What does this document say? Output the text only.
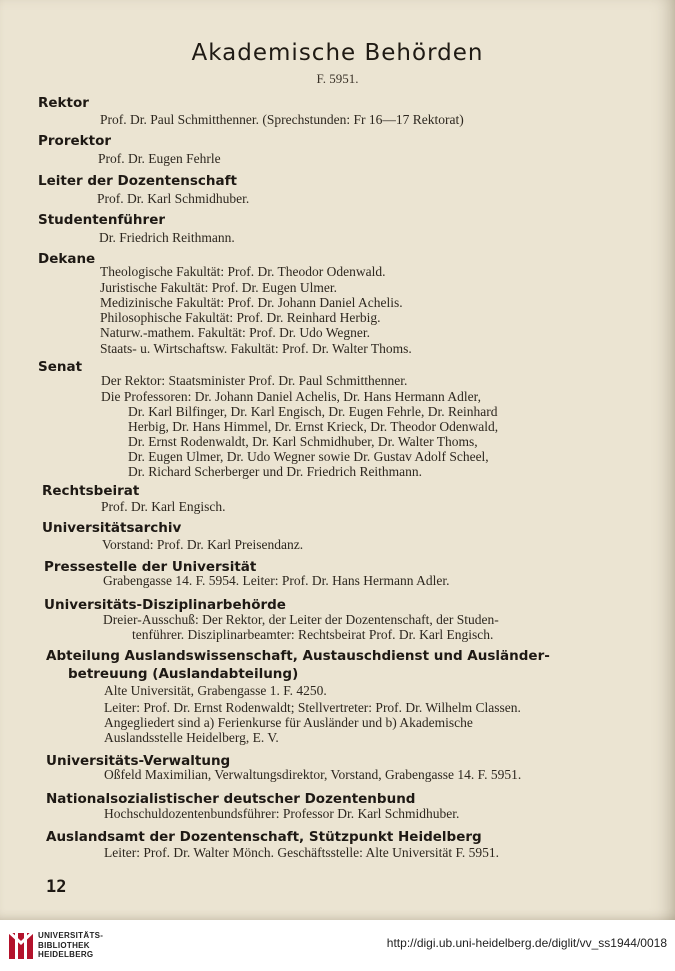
Akademische Behörden
F. 5951.
Rektor
Prof. Dr. Paul Schmitthenner. (Sprechstunden: Fr 16—17 Rektorat)
Prorektor
Prof. Dr. Eugen Fehrle
Leiter der Dozentenschaft
Prof. Dr. Karl Schmidhuber.
Studentenführer
Dr. Friedrich Reithmann.
Dekane
Theologische Fakultät: Prof. Dr. Theodor Odenwald.
Juristische Fakultät: Prof. Dr. Eugen Ulmer.
Medizinische Fakultät: Prof. Dr. Johann Daniel Achelis.
Philosophische Fakultät: Prof. Dr. Reinhard Herbig.
Naturw.-mathem. Fakultät: Prof. Dr. Udo Wegner.
Staats- u. Wirtschaftsw. Fakultät: Prof. Dr. Walter Thoms.
Senat
Der Rektor: Staatsminister Prof. Dr. Paul Schmitthenner.
Die Professoren: Dr. Johann Daniel Achelis, Dr. Hans Hermann Adler,
Dr. Karl Bilfinger, Dr. Karl Engisch, Dr. Eugen Fehrle, Dr. Reinhard
Herbig, Dr. Hans Himmel, Dr. Ernst Krieck, Dr. Theodor Odenwald,
Dr. Ernst Rodenwaldt, Dr. Karl Schmidhuber, Dr. Walter Thoms,
Dr. Eugen Ulmer, Dr. Udo Wegner sowie Dr. Gustav Adolf Scheel,
Dr. Richard Scherberger und Dr. Friedrich Reithmann.
Rechtsbeirat
Prof. Dr. Karl Engisch.
Universitätsarchiv
Vorstand: Prof. Dr. Karl Preisendanz.
Pressestelle der Universität
Grabengasse 14. F. 5954. Leiter: Prof. Dr. Hans Hermann Adler.
Universitäts-Disziplinarbehörde
Dreier-Ausschuß: Der Rektor, der Leiter der Dozentenschaft, der Studen-
tenführer. Disziplinarbeamter: Rechtsbeirat Prof. Dr. Karl Engisch.
Abteilung Auslandswissenschaft, Austauschdienst und Ausländer-
betreuung (Auslandabteilung)
Alte Universität, Grabengasse 1. F. 4250.
Leiter: Prof. Dr. Ernst Rodenwaldt; Stellvertreter: Prof. Dr. Wilhelm Classen.
Angegliedert sind a) Ferienkurse für Ausländer und b) Akademische
Auslandsstelle Heidelberg, E. V.
Universitäts-Verwaltung
Oßfeld Maximilian, Verwaltungsdirektor, Vorstand, Grabengasse 14. F. 5951.
Nationalsozialistischer deutscher Dozentenbund
Hochschuldozentenbundsführer: Professor Dr. Karl Schmidhuber.
Auslandsamt der Dozentenschaft, Stützpunkt Heidelberg
Leiter: Prof. Dr. Walter Mönch. Geschäftsstelle: Alte Universität F. 5951.
12
UNIVERSITÄTS-
BIBLIOTHEK
HEIDELBERG
http://digi.ub.uni-heidelberg.de/diglit/vv_ss1944/0018
